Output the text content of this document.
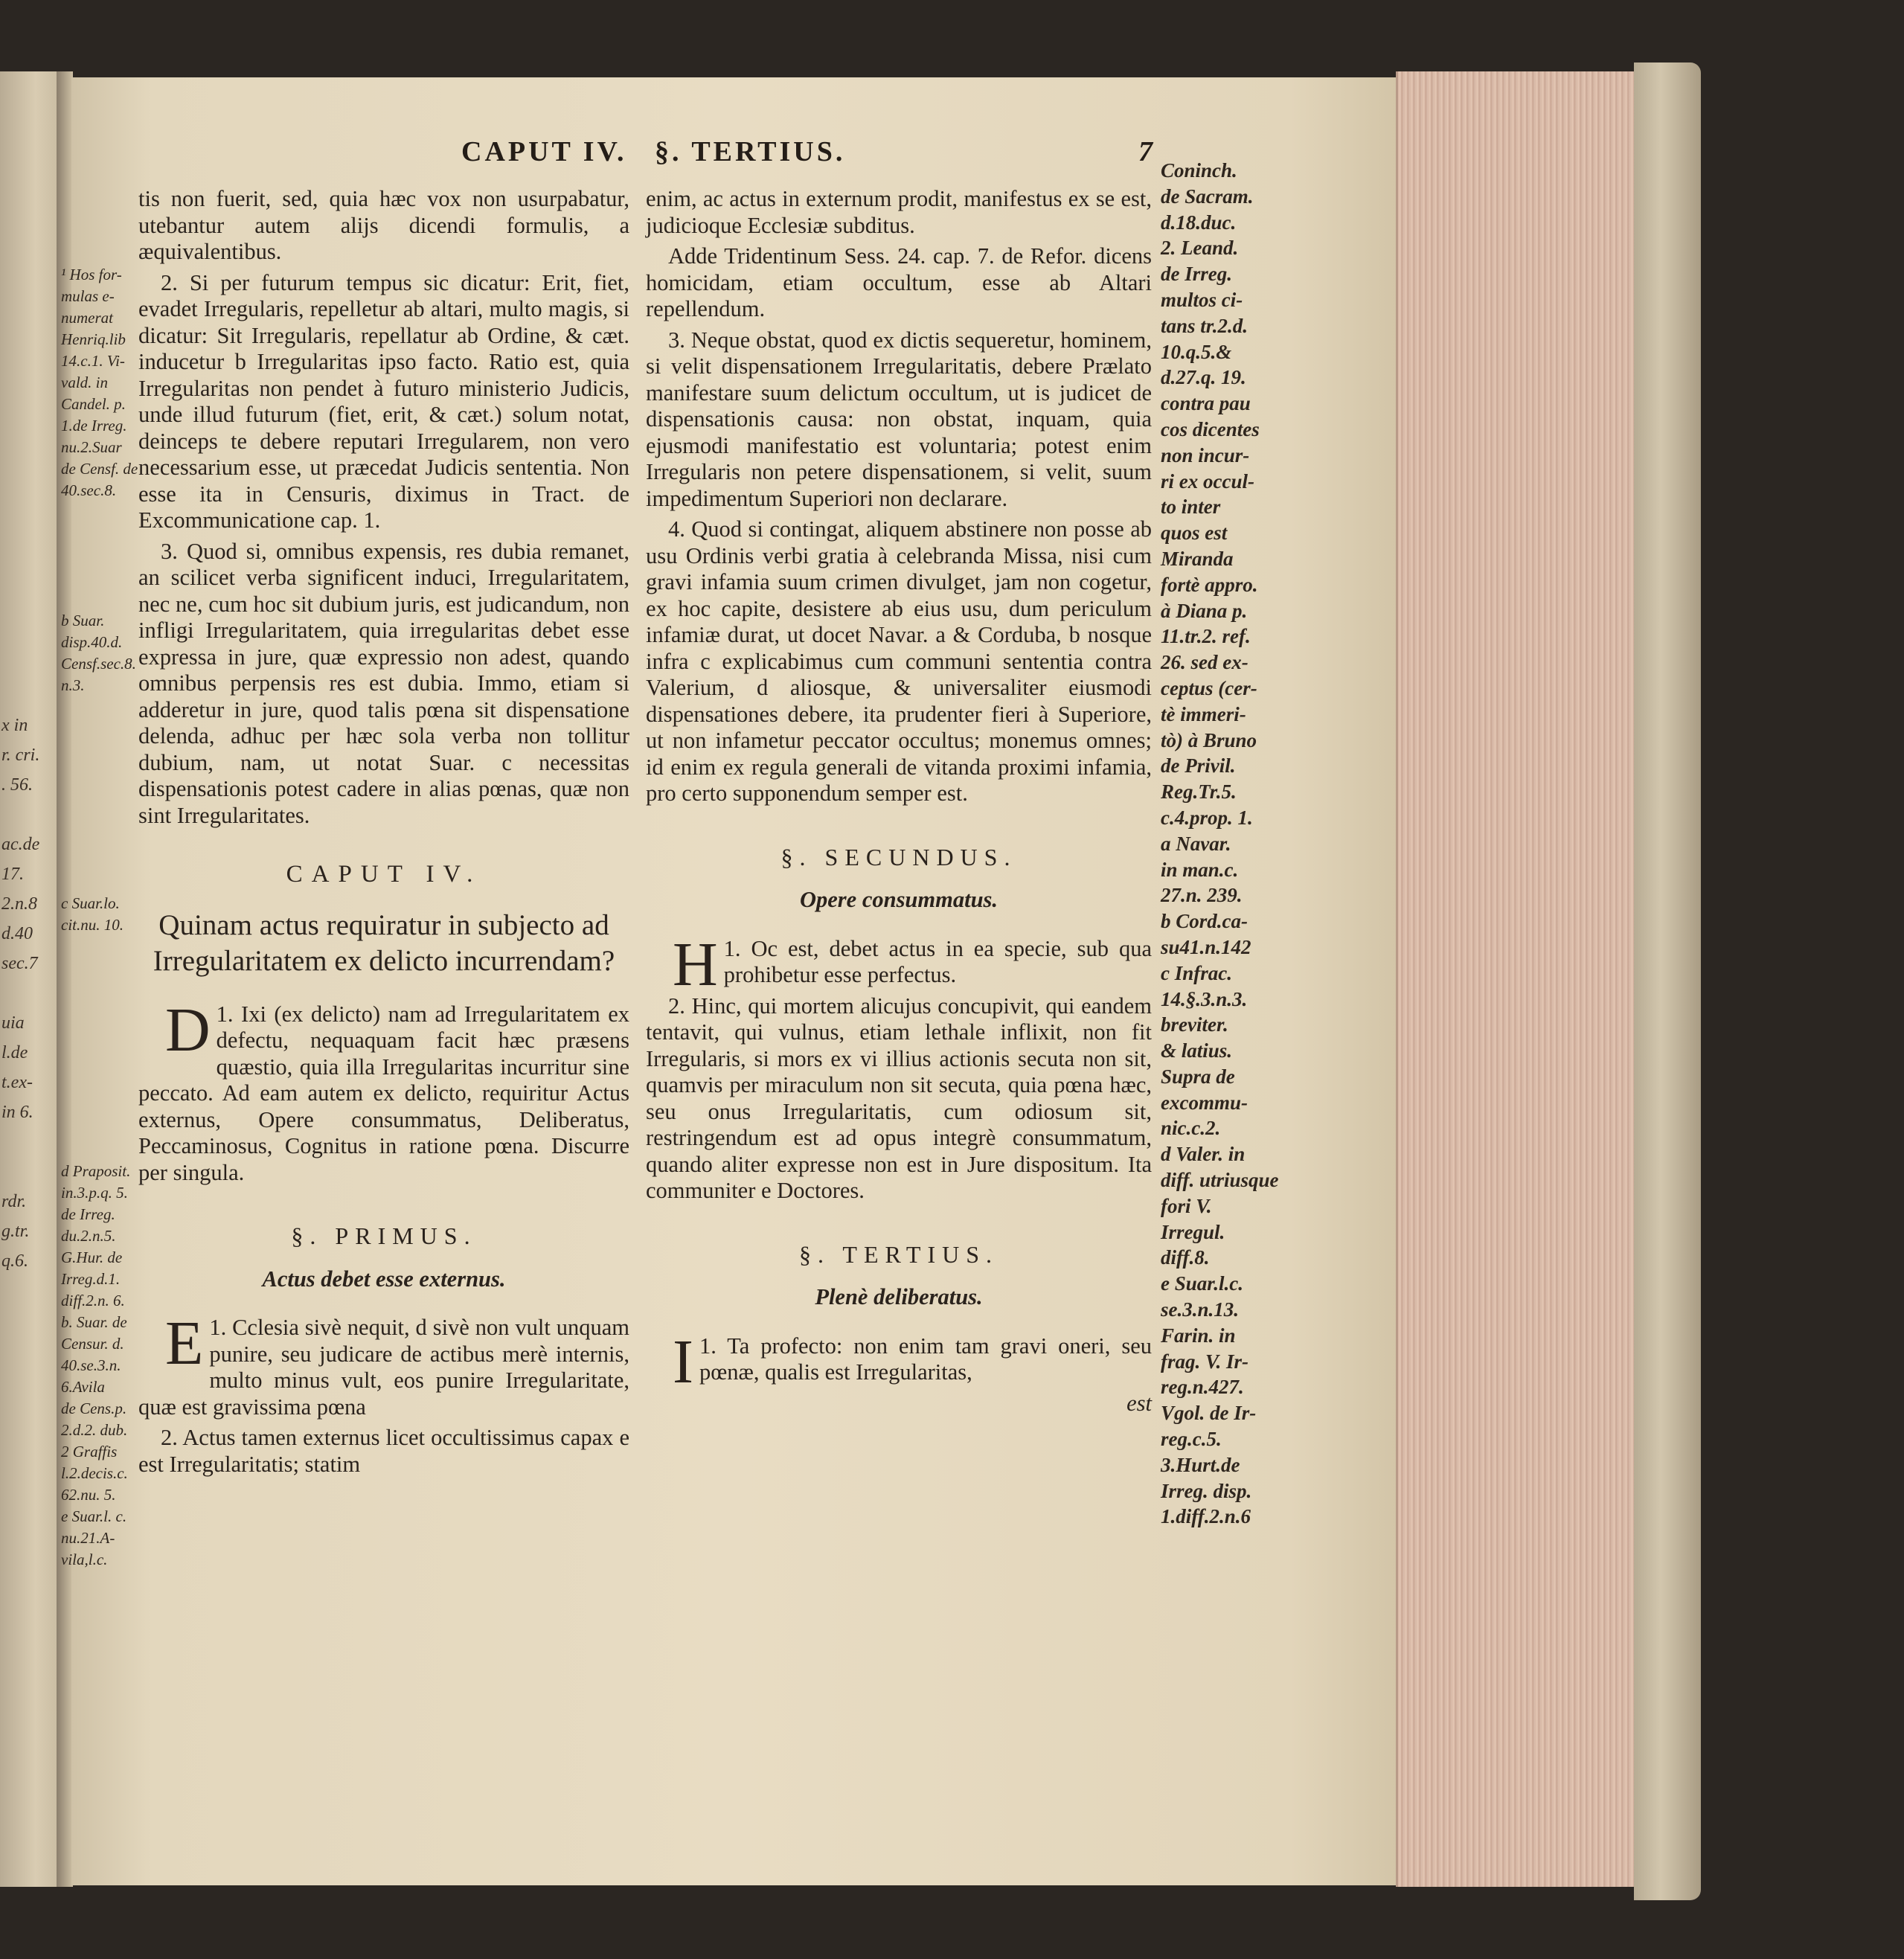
x in
r. cri.
. 56.
ac.de
17.
2.n.8
d.40
sec.7
uia
l.de
t.ex-
in 6.
rdr.
g.tr.
q.6.
CAPUT IV. §. TERTIUS.	7
¹ Hos for-
mulas e-
numerat
Henriq.lib
14.c.1. Vi-
vald. in
Candel. p.
1.de Irreg.
nu.2.Suar
de Censf.
40.sec.8.
b Suar.
disp.40.d.
Censf.sec.8.
n.3.
c Suar.lo.
cit.nu. 10.
d Praposit.
in.3.p.q. 5.
de Irreg.
du.2.n.5.
G.Hur. de
Irreg.d.1.
diff.2.n. 6.
b. Suar. de
Censur. d.
40.se.3.n.
6.Avila
de Cens.p.
2.d.2. dub.
2 Graffis
l.2.decis.c.
62.nu. 5.
e Suar.l. c.
nu.21.A-
vila,l.c.

tis non fuerit, sed, quia hæc vox non usurpabatur, utebantur autem alijs dicendi formulis, a æquivalentibus.

2. Si per futurum tempus sic dicatur: Erit, fiet, evadet Irregularis, repelletur ab altari, multo magis, si dicatur: Sit Irregularis, repellatur ab Ordine, & cæt. inducetur b Irregularitas ipso facto. Ratio est, quia Irregularitas non pendet à futuro ministerio Judicis, unde illud futurum (fiet, erit, & cæt.) solum notat, deinceps te debere reputari Irregularem, non vero necessarium esse, ut præcedat Judicis sententia. Non esse ita in Censuris, diximus in Tract. de Excommunicatione cap. 1.

3. Quod si, omnibus expensis, res dubia remanet, an scilicet verba significent induci, Irregularitatem, nec ne, cum hoc sit dubium juris, est judicandum, non infligi Irregularitatem, quia irregularitas debet esse expressa in jure, quæ expressio non adest, quando omnibus perpensis res est dubia. Immo, etiam si adderetur in jure, quod talis pœna sit dispensatione delenda, adhuc per hæc sola verba non tollitur dubium, nam, ut notat Suar. c necessitas dispensationis potest cadere in alias pœnas, quæ non sint Irregularitates.

CAPUT IV.
Quinam actus requiratur in subjecto ad Irregularitatem ex delicto incurrendam?

D 1. Ixi (ex delicto) nam ad Irregularitatem ex defectu, nequaquam facit hæc præsens quæstio, quia illa Irregularitas incurritur sine peccato. Ad eam autem ex delicto, requiritur Actus externus, Opere consummatus, Deliberatus, Peccaminosus, Cognitus in ratione pœna. Discurre per singula.

§. PRIMUS.
Actus debet esse externus.

E 1. Cclesia sivè nequit, d sivè non vult unquam punire, seu judicare de actibus merè internis, multo minus vult, eos punire Irregularitate, quæ est gravissima pœna

2. Actus tamen externus licet occultissimus capax e est Irregularitatis; statim

enim, ac actus in externum prodit, manifestus ex se est, judicioque Ecclesiæ subditus.

Adde Tridentinum Sess. 24. cap. 7. de Refor. dicens homicidam, etiam occultum, esse ab Altari repellendum.

3. Neque obstat, quod ex dictis sequeretur, hominem, si velit dispensationem Irregularitatis, debere Prælato manifestare suum delictum occultum, ut is judicet de dispensationis causa: non obstat, inquam, quia ejusmodi manifestatio est voluntaria; potest enim Irregularis non petere dispensationem, si velit, suum impedimentum Superiori non declarare.

4. Quod si contingat, aliquem abstinere non posse ab usu Ordinis verbi gratia à celebranda Missa, nisi cum gravi infamia suum crimen divulget, jam non cogetur, ex hoc capite, desistere ab eius usu, dum periculum infamiæ durat, ut docet Navar. a & Corduba, b nosque infra c explicabimus cum communi sententia contra Valerium, d aliosque, & universaliter eiusmodi dispensationes debere, ita prudenter fieri à Superiore, ut non infametur peccator occultus; monemus omnes; id enim ex regula generali de vitanda proximi infamia, pro certo supponendum semper est.

§. SECUNDUS.
Opere consummatus.

H 1. Oc est, debet actus in ea specie, sub qua prohibetur esse perfectus.

2. Hinc, qui mortem alicujus concupivit, qui eandem tentavit, qui vulnus, etiam lethale inflixit, non fit Irregularis, si mors ex vi illius actionis secuta non sit, quamvis per miraculum non sit secuta, quia pœna hæc, seu onus Irregularitatis, cum odiosum sit, restringendum est ad opus integrè consummatum, quando aliter expresse non est in Jure dispositum. Ita communiter e Doctores.

§. TERTIUS.
Plenè deliberatus.

I 1. Ta profecto: non enim tam gravi oneri, seu pœnæ, qualis est Irregularitas,

est
Coninch.
de Sacram.
d.18.duc.
2. Leand.
de Irreg.
multos ci-
tans tr.2.d.
10.q.5.&
d.27.q. 19.
contra pau
cos dicentes
non incur-
ri ex occul-
to inter
quos est
Miranda
fortè appro.
à Diana p.
11.tr.2. ref.
26. sed ex-
ceptus (cer-
tè immeri-
tò) à Bruno
de Privil.
Reg.Tr.5.
c.4.prop. 1.
a Navar.
in man.c.
27.n. 239.
b Cord.ca-
su41.n.142
c Infrac.
14.§.3.n.3.
breviter.
& latius.
Supra de
excommu-
nic.c.2.
d Valer. in
diff. utriusque
fori V.
Irregul.
diff.8.
e Suar.l.c.
se.3.n.13.
Farin. in
frag. V. Ir-
reg.n.427.
Vgol. de Ir-
reg.c.5.
3.Hurt.de
Irreg. disp.
1.diff.2.n.6
